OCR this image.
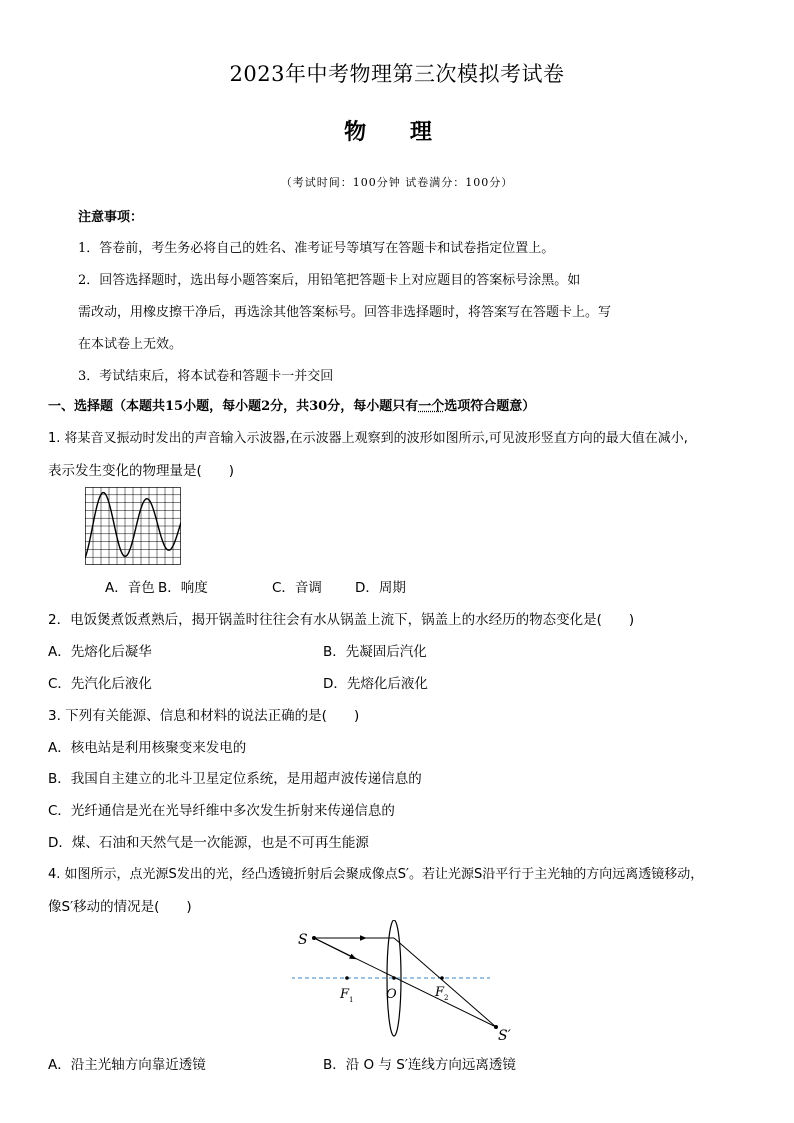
2023年中考物理第三次模拟考试卷
物 理
（考试时间：100分钟 试卷满分：100分）
注意事项：
1．答卷前，考生务必将自己的姓名、准考证号等填写在答题卡和试卷指定位置上。
2．回答选择题时，选出每小题答案后，用铅笔把答题卡上对应题目的答案标号涂黑。如
需改动，用橡皮擦干净后，再选涂其他答案标号。回答非选择题时，将答案写在答题卡上。写
在本试卷上无效。
3．考试结束后，将本试卷和答题卡一并交回
一、选择题（本题共15小题，每小题2分，共30分，每小题只有一个选项符合题意）
1. 将某音叉振动时发出的声音输入示波器,在示波器上观察到的波形如图所示,可见波形竖直方向的最大值在减小,
表示发生变化的物理量是(　　)
A．音色 B．响度	C．音调 D．周期
2．电饭煲煮饭煮熟后，揭开锅盖时往往会有水从锅盖上流下，锅盖上的水经历的物态变化是(　　)
A．先熔化后凝华	B．先凝固后汽化
C．先汽化后液化	D．先熔化后液化
3. 下列有关能源、信息和材料的说法正确的是(　　)
A．核电站是利用核聚变来发电的
B．我国自主建立的北斗卫星定位系统，是用超声波传递信息的
C．光纤通信是光在光导纤维中多次发生折射来传递信息的
D．煤、石油和天然气是一次能源，也是不可再生能源
4. 如图所示，点光源S发出的光，经凸透镜折射后会聚成像点S′。若让光源S沿平行于主光轴的方向远离透镜移动，
像S′移动的情况是(　　)
S
F 1	O	F 2
S′
A．沿主光轴方向靠近透镜	B．沿 O 与 S′连线方向远离透镜
